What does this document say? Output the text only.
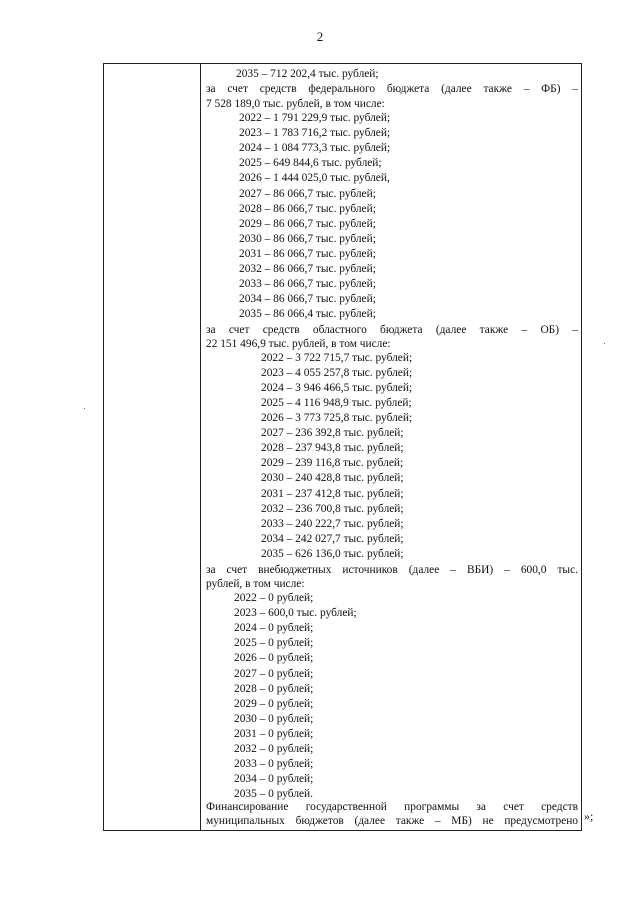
2
2035 – 712 202,4 тыс. рублей;
за счет средств федерального бюджета (далее также – ФБ) –
7 528 189,0 тыс. рублей, в том числе:
2022 – 1 791 229,9 тыс. рублей;
2023 – 1 783 716,2 тыс. рублей;
2024 – 1 084 773,3 тыс. рублей;
2025 – 649 844,6 тыс. рублей;
2026 – 1 444 025,0 тыс. рублей,
2027 – 86 066,7 тыс. рублей;
2028 – 86 066,7 тыс. рублей;
2029 – 86 066,7 тыс. рублей;
2030 – 86 066,7 тыс. рублей;
2031 – 86 066,7 тыс. рублей;
2032 – 86 066,7 тыс. рублей;
2033 – 86 066,7 тыс. рублей;
2034 – 86 066,7 тыс. рублей;
2035 – 86 066,4 тыс. рублей;
за счет средств областного бюджета (далее также – ОБ) –
22 151 496,9 тыс. рублей, в том числе:
2022 – 3 722 715,7 тыс. рублей;
2023 – 4 055 257,8 тыс. рублей;
2024 – 3 946 466,5 тыс. рублей;
2025 – 4 116 948,9 тыс. рублей;
2026 – 3 773 725,8 тыс. рублей;
2027 – 236 392,8 тыс. рублей;
2028 – 237 943,8 тыс. рублей;
2029 – 239 116,8 тыс. рублей;
2030 – 240 428,8 тыс. рублей;
2031 – 237 412,8 тыс. рублей;
2032 – 236 700,8 тыс. рублей;
2033 – 240 222,7 тыс. рублей;
2034 – 242 027,7 тыс. рублей;
2035 – 626 136,0 тыс. рублей;
за счет внебюджетных источников (далее – ВБИ) – 600,0 тыс.
рублей, в том числе:
2022 – 0 рублей;
2023 – 600,0 тыс. рублей;
2024 – 0 рублей;
2025 – 0 рублей;
2026 – 0 рублей;
2027 – 0 рублей;
2028 – 0 рублей;
2029 – 0 рублей;
2030 – 0 рублей;
2031 – 0 рублей;
2032 – 0 рублей;
2033 – 0 рублей;
2034 – 0 рублей;
2035 – 0 рублей.
Финансирование государственной программы за счет средств
муниципальных бюджетов (далее также – МБ) не предусмотрено »;
